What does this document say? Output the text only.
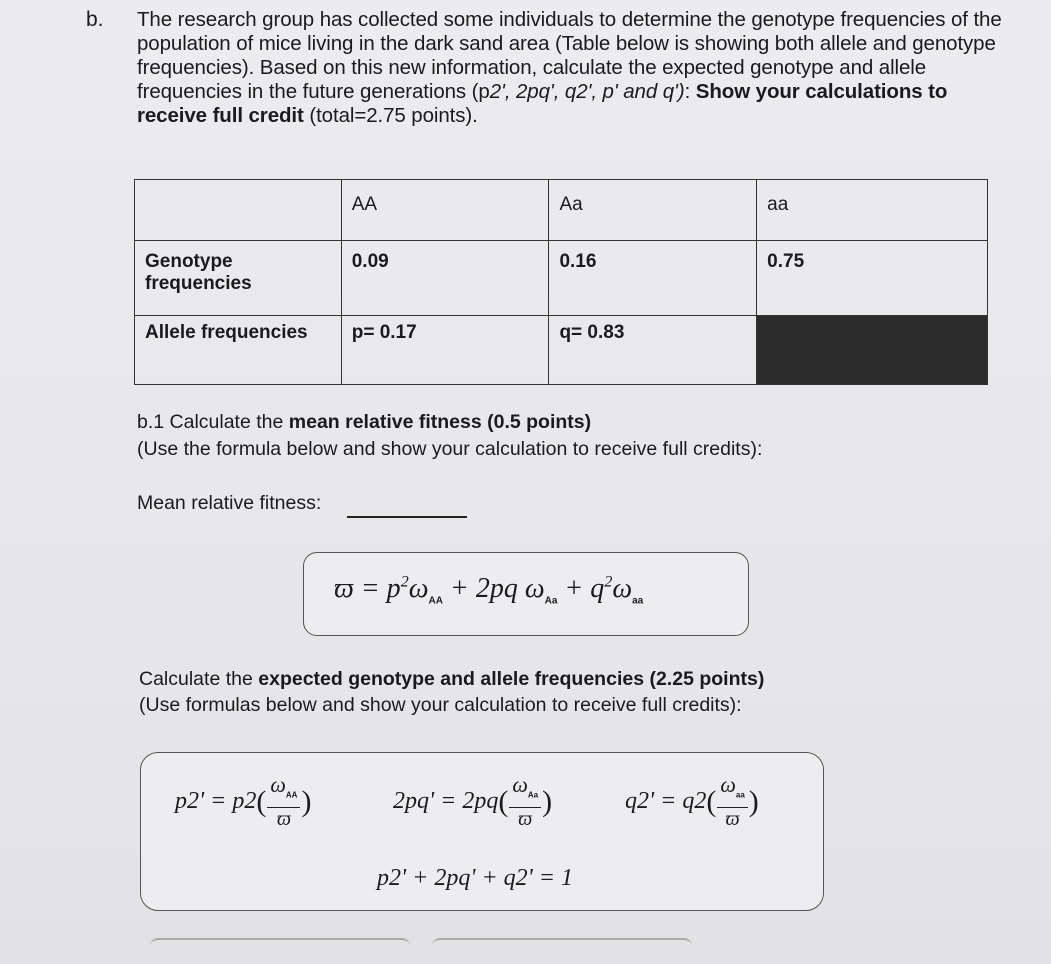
b. The research group has collected some individuals to determine the genotype frequencies of the population of mice living in the dark sand area (Table below is showing both allele and genotype frequencies). Based on this new information, calculate the expected genotype and allele frequencies in the future generations (p2', 2pq', q2', p' and q'): Show your calculations to receive full credit (total=2.75 points).
	AA	Aa	aa
Genotype frequencies	0.09	0.16	0.75
Allele frequencies	p= 0.17	q= 0.83	
b.1 Calculate the mean relative fitness (0.5 points)
(Use the formula below and show your calculation to receive full credits):
Mean relative fitness:
$ϖ = p^2\omega_{AA} + 2pq$ $\omega_{Aa} + q^2\omega_{aa}$
Calculate the expected genotype and allele frequencies (2.25 points)
(Use formulas below and show your calculation to receive full credits):
p2' = p2 ( $\frac{\omega_{AA}}{ϖ}$ )	2pq' = 2pq ( $\frac{\omega_{Aa}}{ϖ}$ )	q2' = q2 ( $\frac{\omega_{aa}}{ϖ}$ )
p2' + 2pq' + q2' = 1
